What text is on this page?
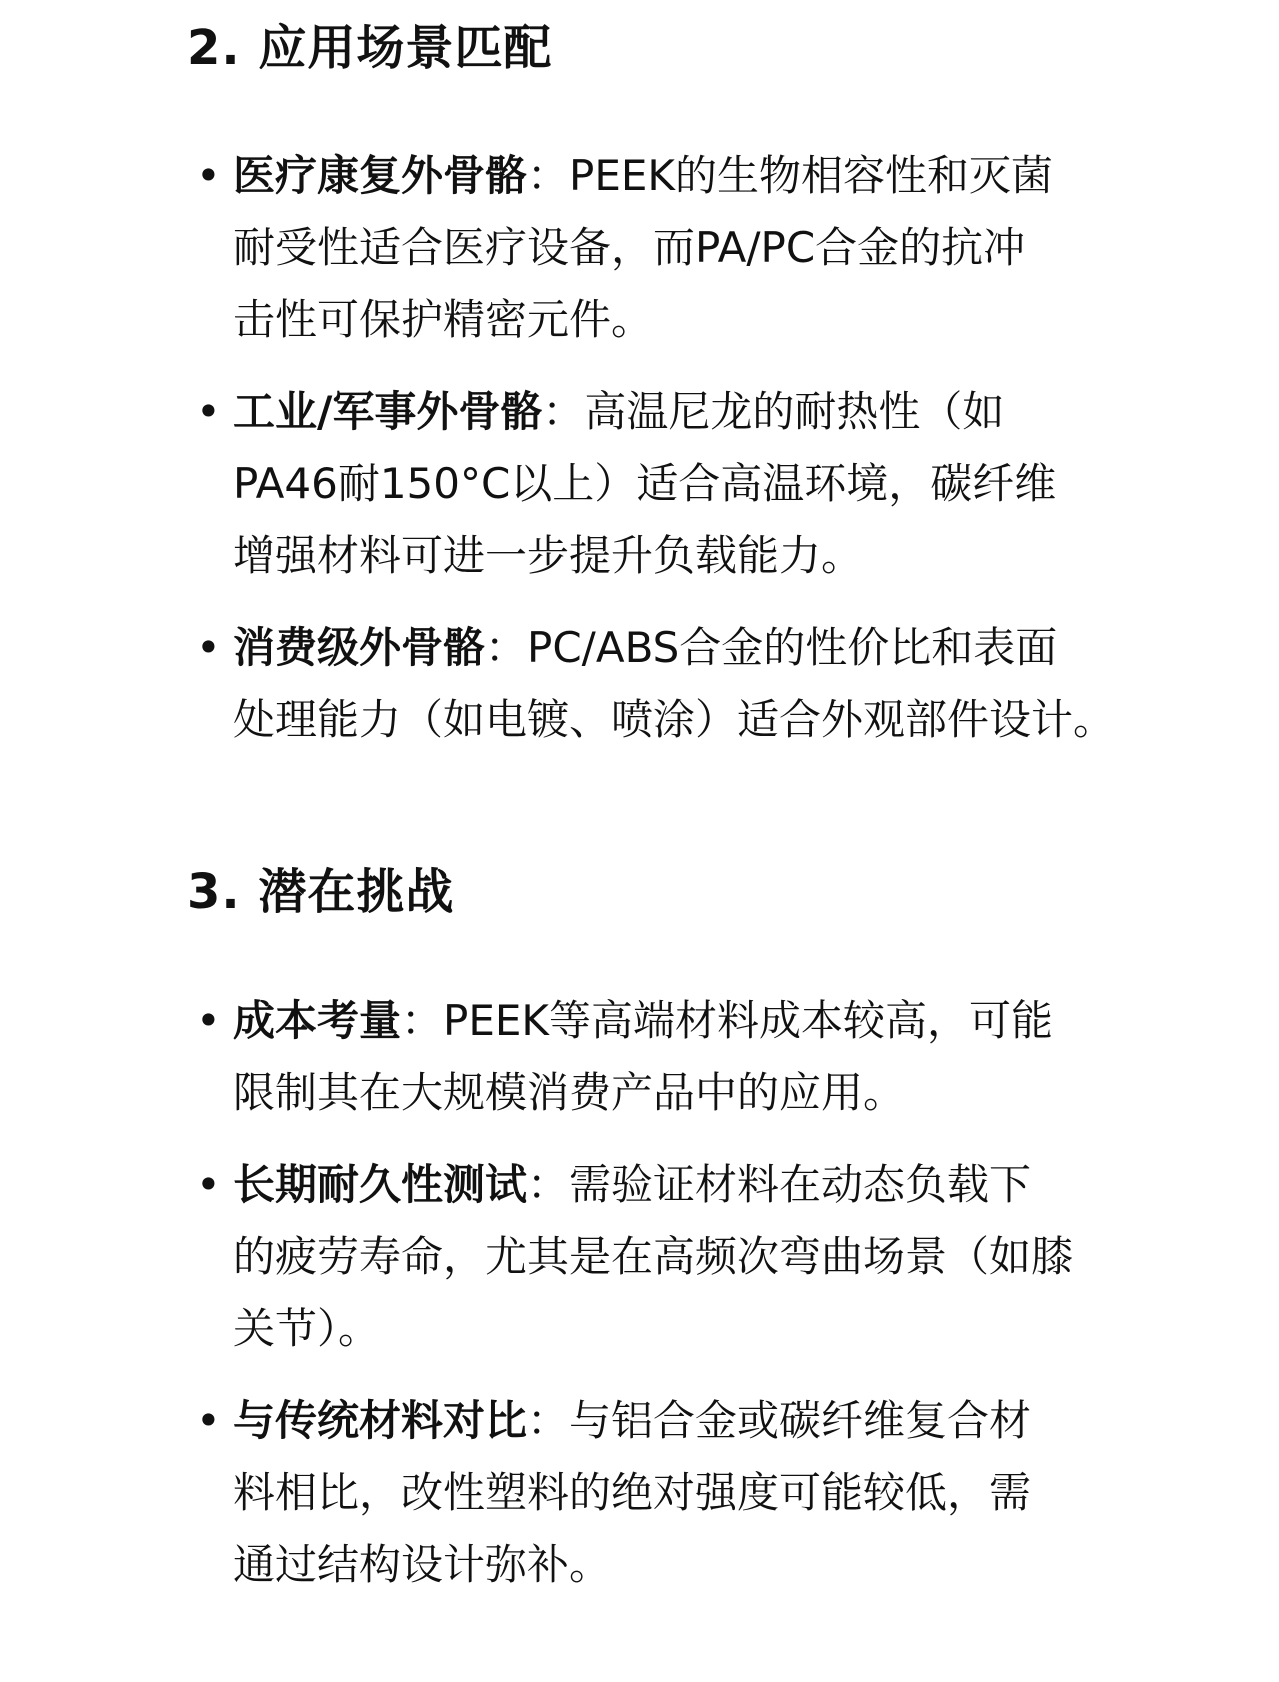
2. 应用场景匹配
• 医疗康复外骨骼：PEEK的生物相容性和灭菌
耐受性适合医疗设备，而PA/PC合金的抗冲
击性可保护精密元件。
• 工业/军事外骨骼：高温尼龙的耐热性（如
PA46耐150°C以上）适合高温环境，碳纤维
增强材料可进一步提升负载能力。
• 消费级外骨骼：PC/ABS合金的性价比和表面
处理能力（如电镀、喷涂）适合外观部件设计。
3. 潜在挑战
• 成本考量：PEEK等高端材料成本较高，可能
限制其在大规模消费产品中的应用。
• 长期耐久性测试：需验证材料在动态负载下
的疲劳寿命，尤其是在高频次弯曲场景（如膝
关节）。
• 与传统材料对比：与铝合金或碳纤维复合材
料相比，改性塑料的绝对强度可能较低，需
通过结构设计弥补。
